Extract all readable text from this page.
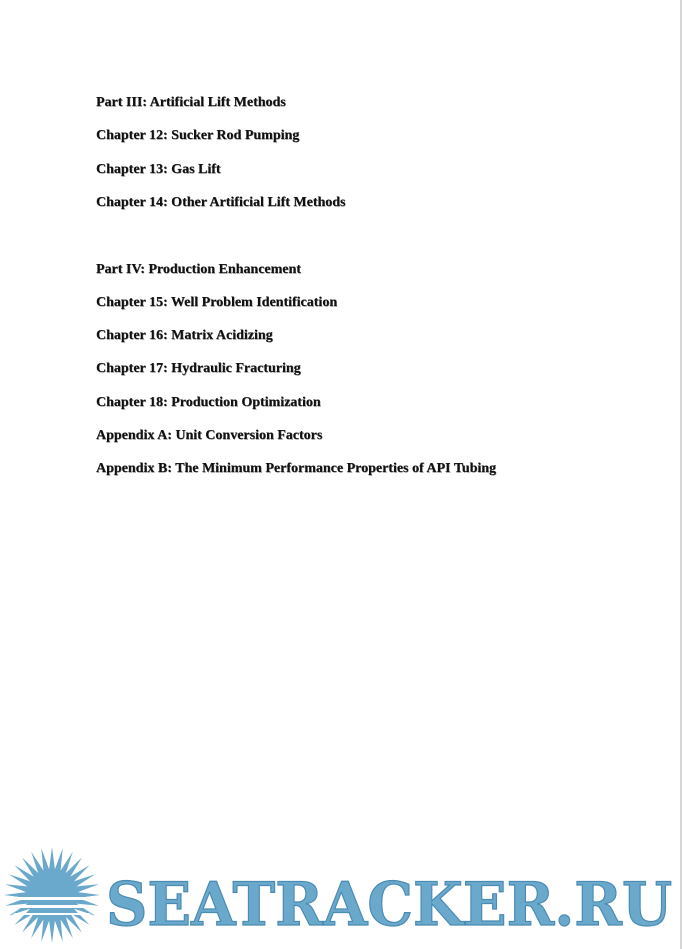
Part III: Artificial Lift Methods

Chapter 12: Sucker Rod Pumping

Chapter 13: Gas Lift

Chapter 14: Other Artificial Lift Methods

Part IV: Production Enhancement

Chapter 15: Well Problem Identification

Chapter 16: Matrix Acidizing

Chapter 17: Hydraulic Fracturing

Chapter 18: Production Optimization

Appendix A: Unit Conversion Factors

Appendix B: The Minimum Performance Properties of API Tubing

SEATRACKER.RU
